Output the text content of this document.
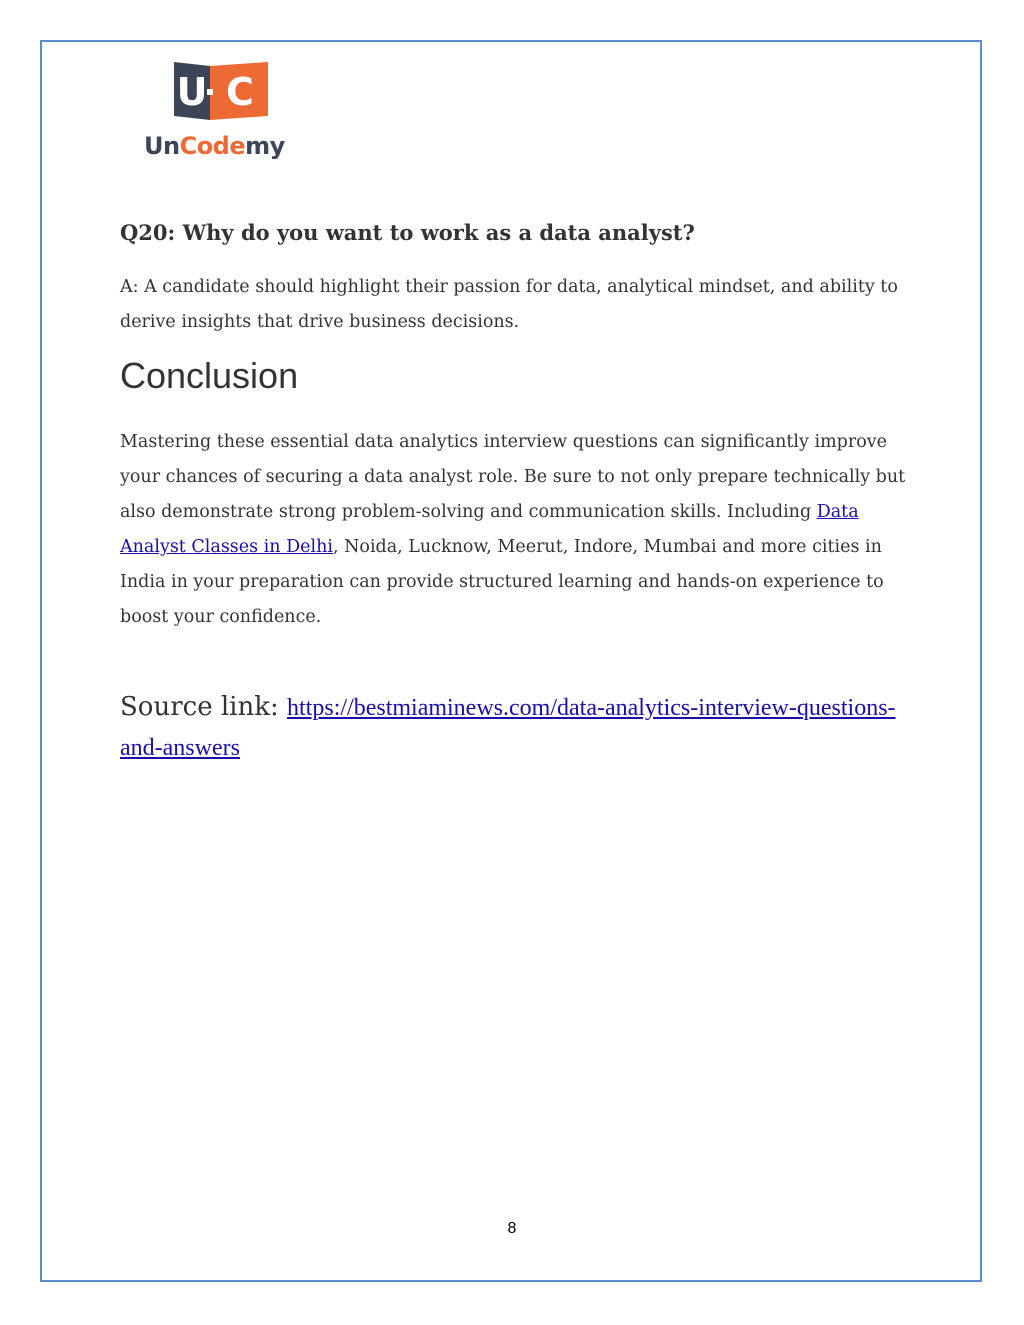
U C
UnCodemy
Q20: Why do you want to work as a data analyst?
A: A candidate should highlight their passion for data, analytical mindset, and ability to derive insights that drive business decisions.
Conclusion
Mastering these essential data analytics interview questions can significantly improve your chances of securing a data analyst role. Be sure to not only prepare technically but also demonstrate strong problem-solving and communication skills. Including Data Analyst Classes in Delhi, Noida, Lucknow, Meerut, Indore, Mumbai and more cities in India in your preparation can provide structured learning and hands-on experience to boost your confidence.
Source link: https://bestmiaminews.com/data-analytics-interview-questions-and-answers
8
